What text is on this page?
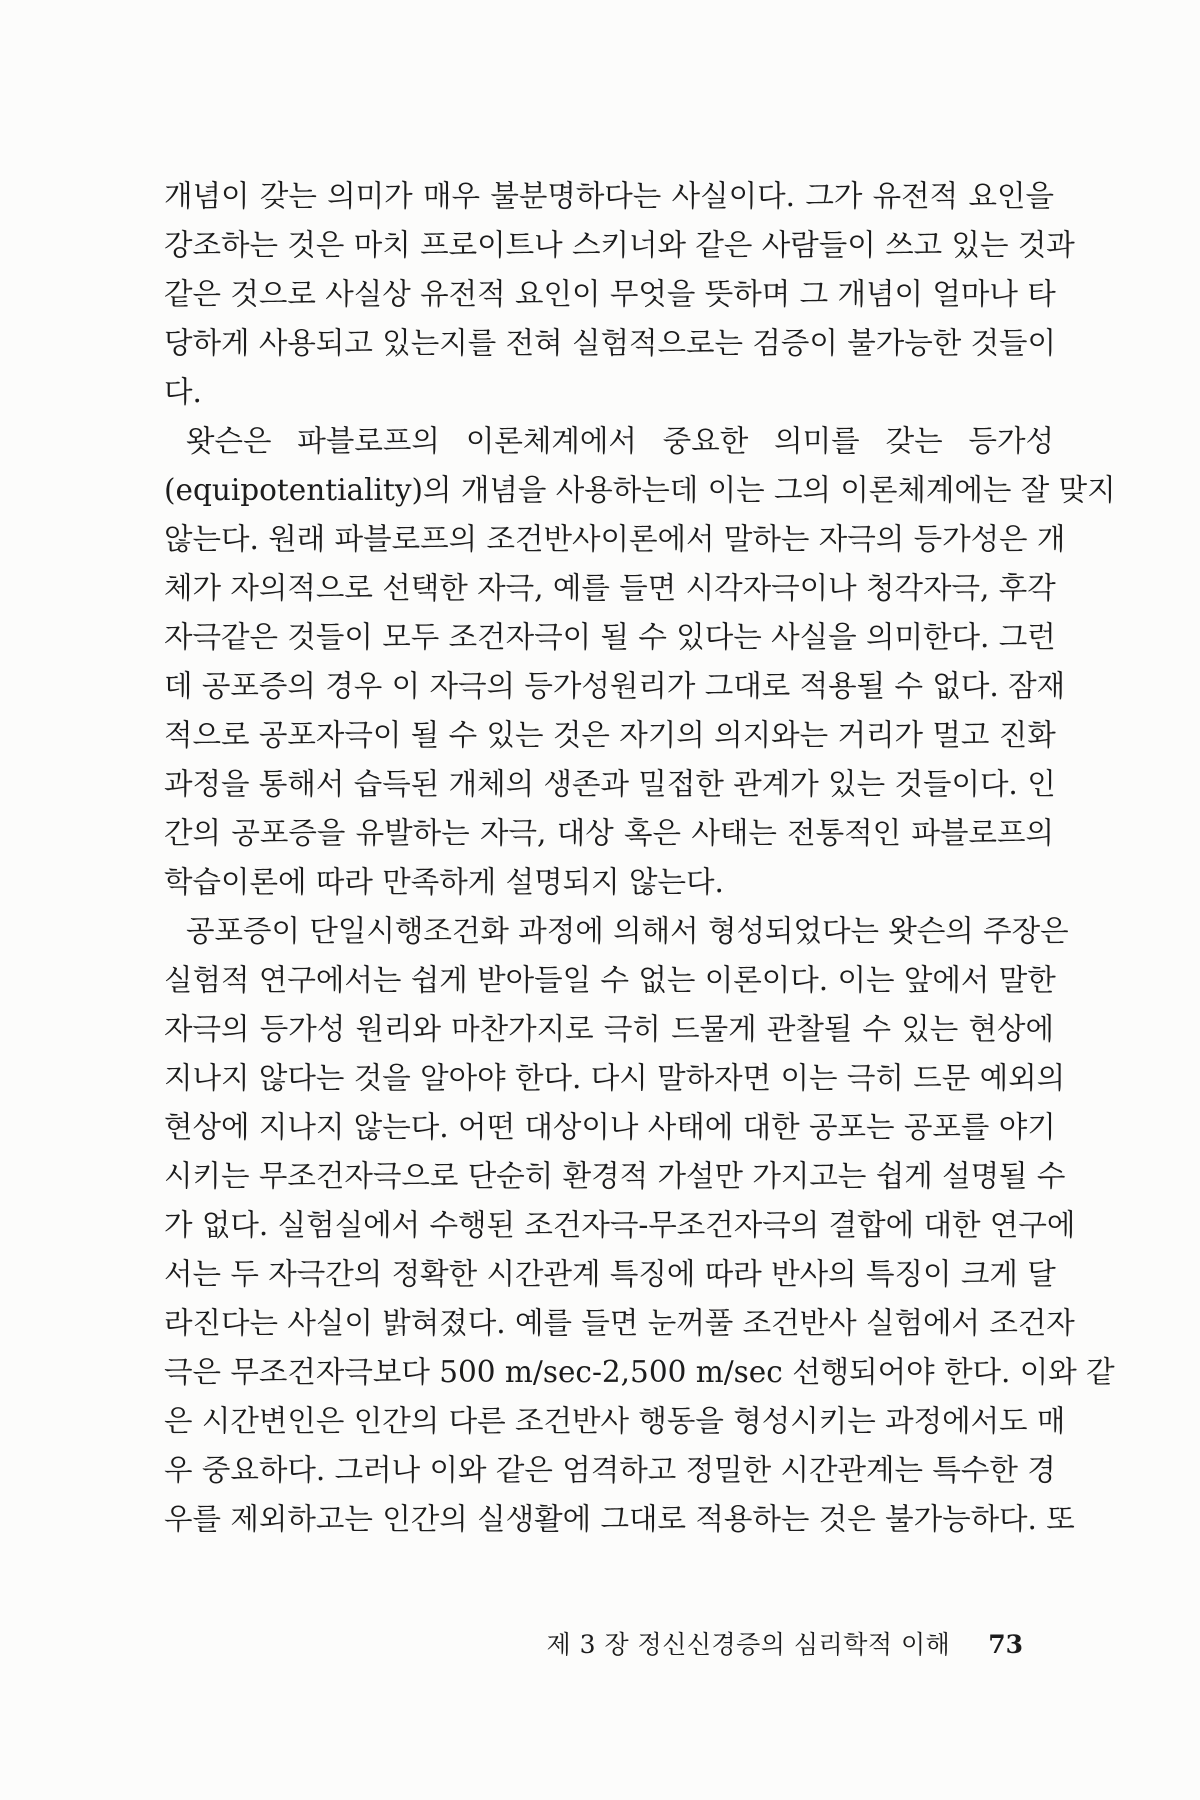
개념이 갖는 의미가 매우 불분명하다는 사실이다. 그가 유전적 요인을
강조하는 것은 마치 프로이트나 스키너와 같은 사람들이 쓰고 있는 것과
같은 것으로 사실상 유전적 요인이 무엇을 뜻하며 그 개념이 얼마나 타
당하게 사용되고 있는지를 전혀 실험적으로는 검증이 불가능한 것들이
다.
왓슨은 파블로프의 이론체계에서 중요한 의미를 갖는 등가성
(equipotentiality)의 개념을 사용하는데 이는 그의 이론체계에는 잘 맞지
않는다. 원래 파블로프의 조건반사이론에서 말하는 자극의 등가성은 개
체가 자의적으로 선택한 자극, 예를 들면 시각자극이나 청각자극, 후각
자극같은 것들이 모두 조건자극이 될 수 있다는 사실을 의미한다. 그런
데 공포증의 경우 이 자극의 등가성원리가 그대로 적용될 수 없다. 잠재
적으로 공포자극이 될 수 있는 것은 자기의 의지와는 거리가 멀고 진화
과정을 통해서 습득된 개체의 생존과 밀접한 관계가 있는 것들이다. 인
간의 공포증을 유발하는 자극, 대상 혹은 사태는 전통적인 파블로프의
학습이론에 따라 만족하게 설명되지 않는다.
공포증이 단일시행조건화 과정에 의해서 형성되었다는 왓슨의 주장은
실험적 연구에서는 쉽게 받아들일 수 없는 이론이다. 이는 앞에서 말한
자극의 등가성 원리와 마찬가지로 극히 드물게 관찰될 수 있는 현상에
지나지 않다는 것을 알아야 한다. 다시 말하자면 이는 극히 드문 예외의
현상에 지나지 않는다. 어떤 대상이나 사태에 대한 공포는 공포를 야기
시키는 무조건자극으로 단순히 환경적 가설만 가지고는 쉽게 설명될 수
가 없다. 실험실에서 수행된 조건자극-무조건자극의 결합에 대한 연구에
서는 두 자극간의 정확한 시간관계 특징에 따라 반사의 특징이 크게 달
라진다는 사실이 밝혀졌다. 예를 들면 눈꺼풀 조건반사 실험에서 조건자
극은 무조건자극보다 500 m/sec-2,500 m/sec 선행되어야 한다. 이와 같
은 시간변인은 인간의 다른 조건반사 행동을 형성시키는 과정에서도 매
우 중요하다. 그러나 이와 같은 엄격하고 정밀한 시간관계는 특수한 경
우를 제외하고는 인간의 실생활에 그대로 적용하는 것은 불가능하다. 또
제 3 장 정신신경증의 심리학적 이해 73
